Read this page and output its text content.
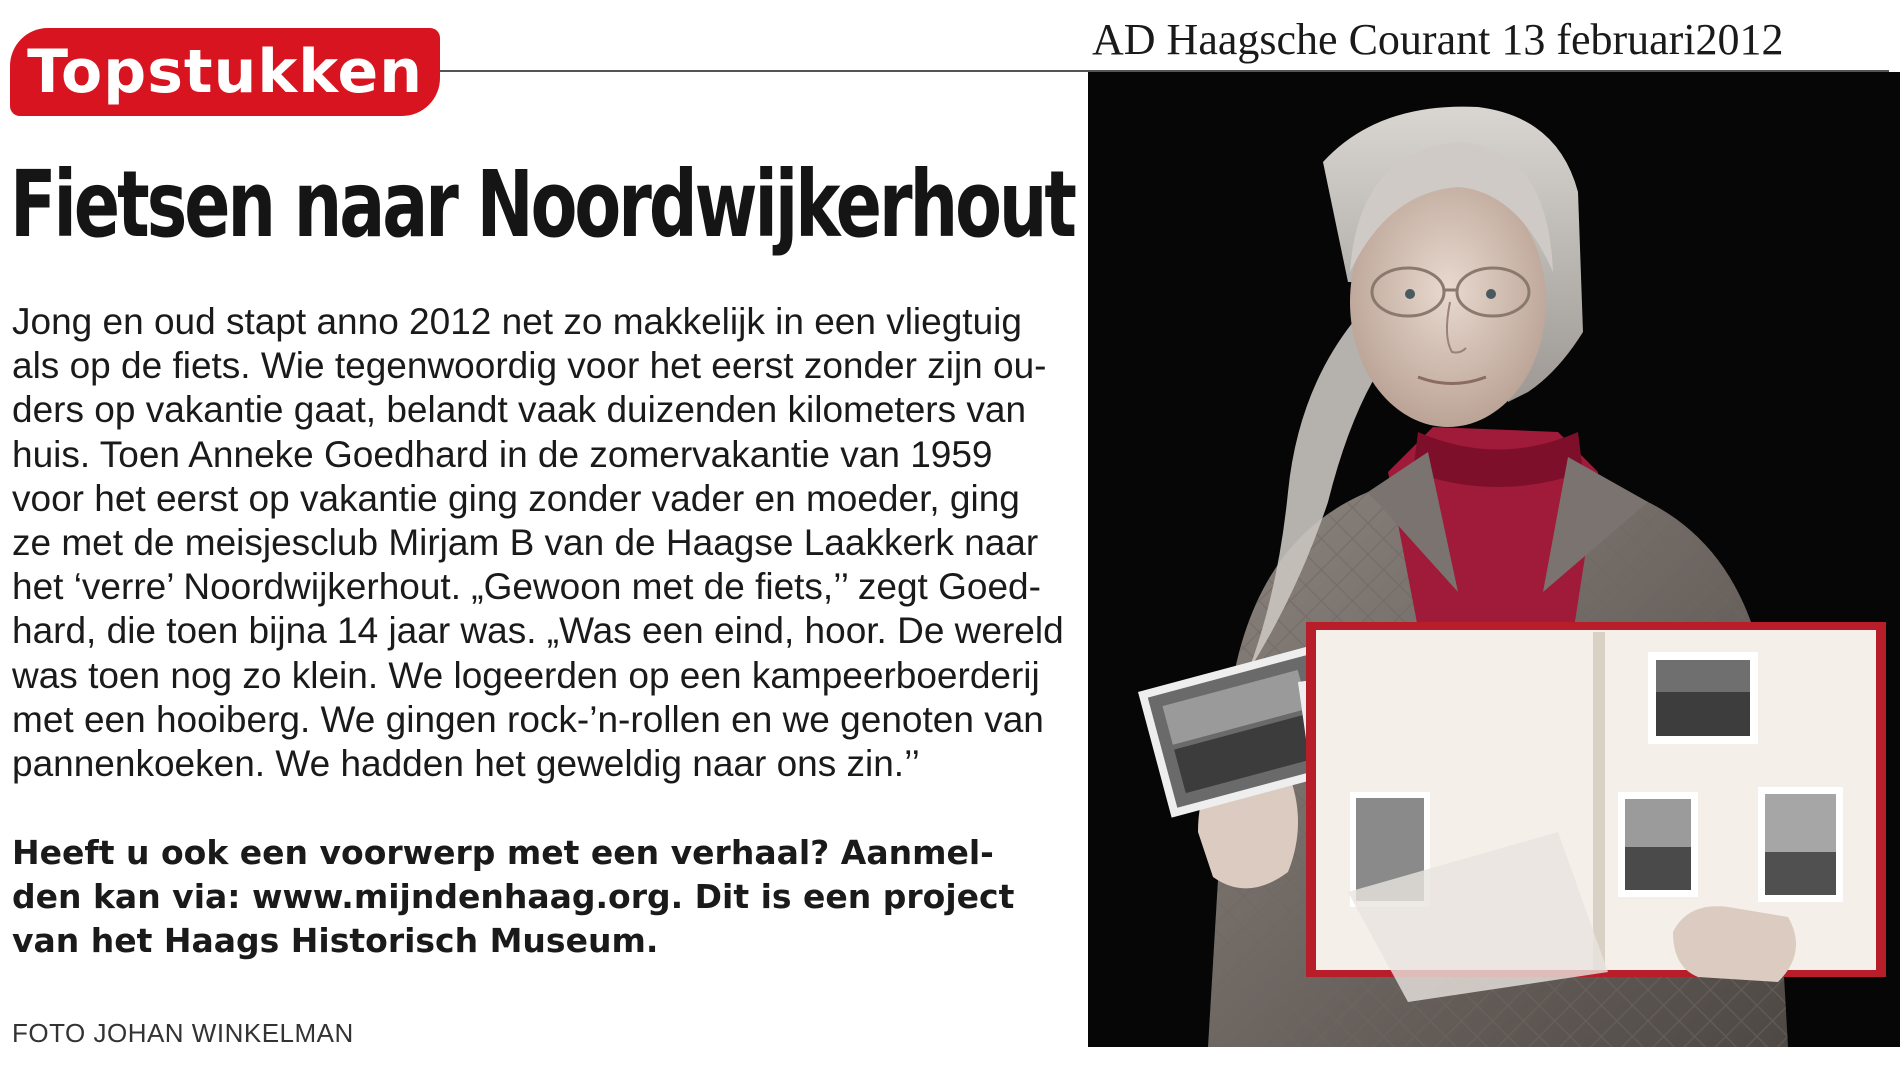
Topstukken	AD Haagsche Courant 13 februari2012
Fietsen naar Noordwijkerhout
Jong en oud stapt anno 2012 net zo makkelijk in een vliegtuig
als op de fiets. Wie tegenwoordig voor het eerst zonder zijn ou-
ders op vakantie gaat, belandt vaak duizenden kilometers van
huis. Toen Anneke Goedhard in de zomervakantie van 1959
voor het eerst op vakantie ging zonder vader en moeder, ging
ze met de meisjesclub Mirjam B van de Haagse Laakkerk naar
het ‘verre’ Noordwijkerhout. „Gewoon met de fiets,’’ zegt Goed-
hard, die toen bijna 14 jaar was. „Was een eind, hoor. De wereld
was toen nog zo klein. We logeerden op een kampeerboerderij
met een hooiberg. We gingen rock-’n-rollen en we genoten van
pannenkoeken. We hadden het geweldig naar ons zin.’’
Heeft u ook een voorwerp met een verhaal? Aanmel-
den kan via: www.mijndenhaag.org. Dit is een project
van het Haags Historisch Museum.
FOTO JOHAN WINKELMAN
